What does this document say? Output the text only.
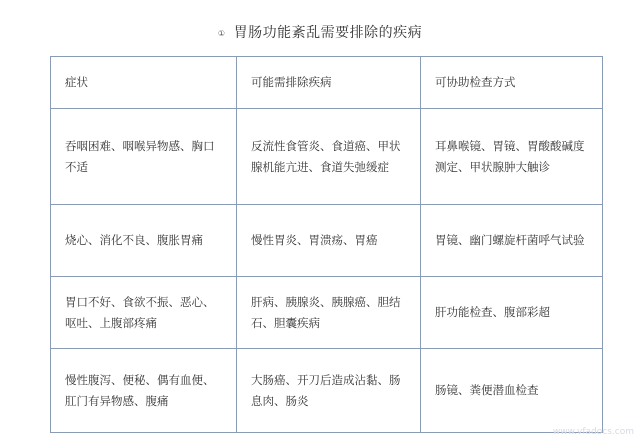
① 胃肠功能紊乱需要排除的疾病
症状	可能需排除疾病	可协助检查方式
吞咽困难、咽喉异物感、胸口不适	反流性食管炎、食道癌、甲状腺机能亢进、食道失弛缓症	耳鼻喉镜、胃镜、胃酸酸碱度测定、甲状腺肿大触诊
烧心、消化不良、腹胀胃痛	慢性胃炎、胃溃疡、胃癌	胃镜、幽门螺旋杆菌呼气试验
胃口不好、食欲不振、恶心、呕吐、上腹部疼痛	肝病、胰腺炎、胰腺癌、胆结石、胆囊疾病	肝功能检查、腹部彩超
慢性腹泻、便秘、偶有血便、肛门有异物感、腹痛	大肠癌、开刀后造成沾黏、肠息肉、肠炎	肠镜、粪便潜血检查
www.vfadocs.com
